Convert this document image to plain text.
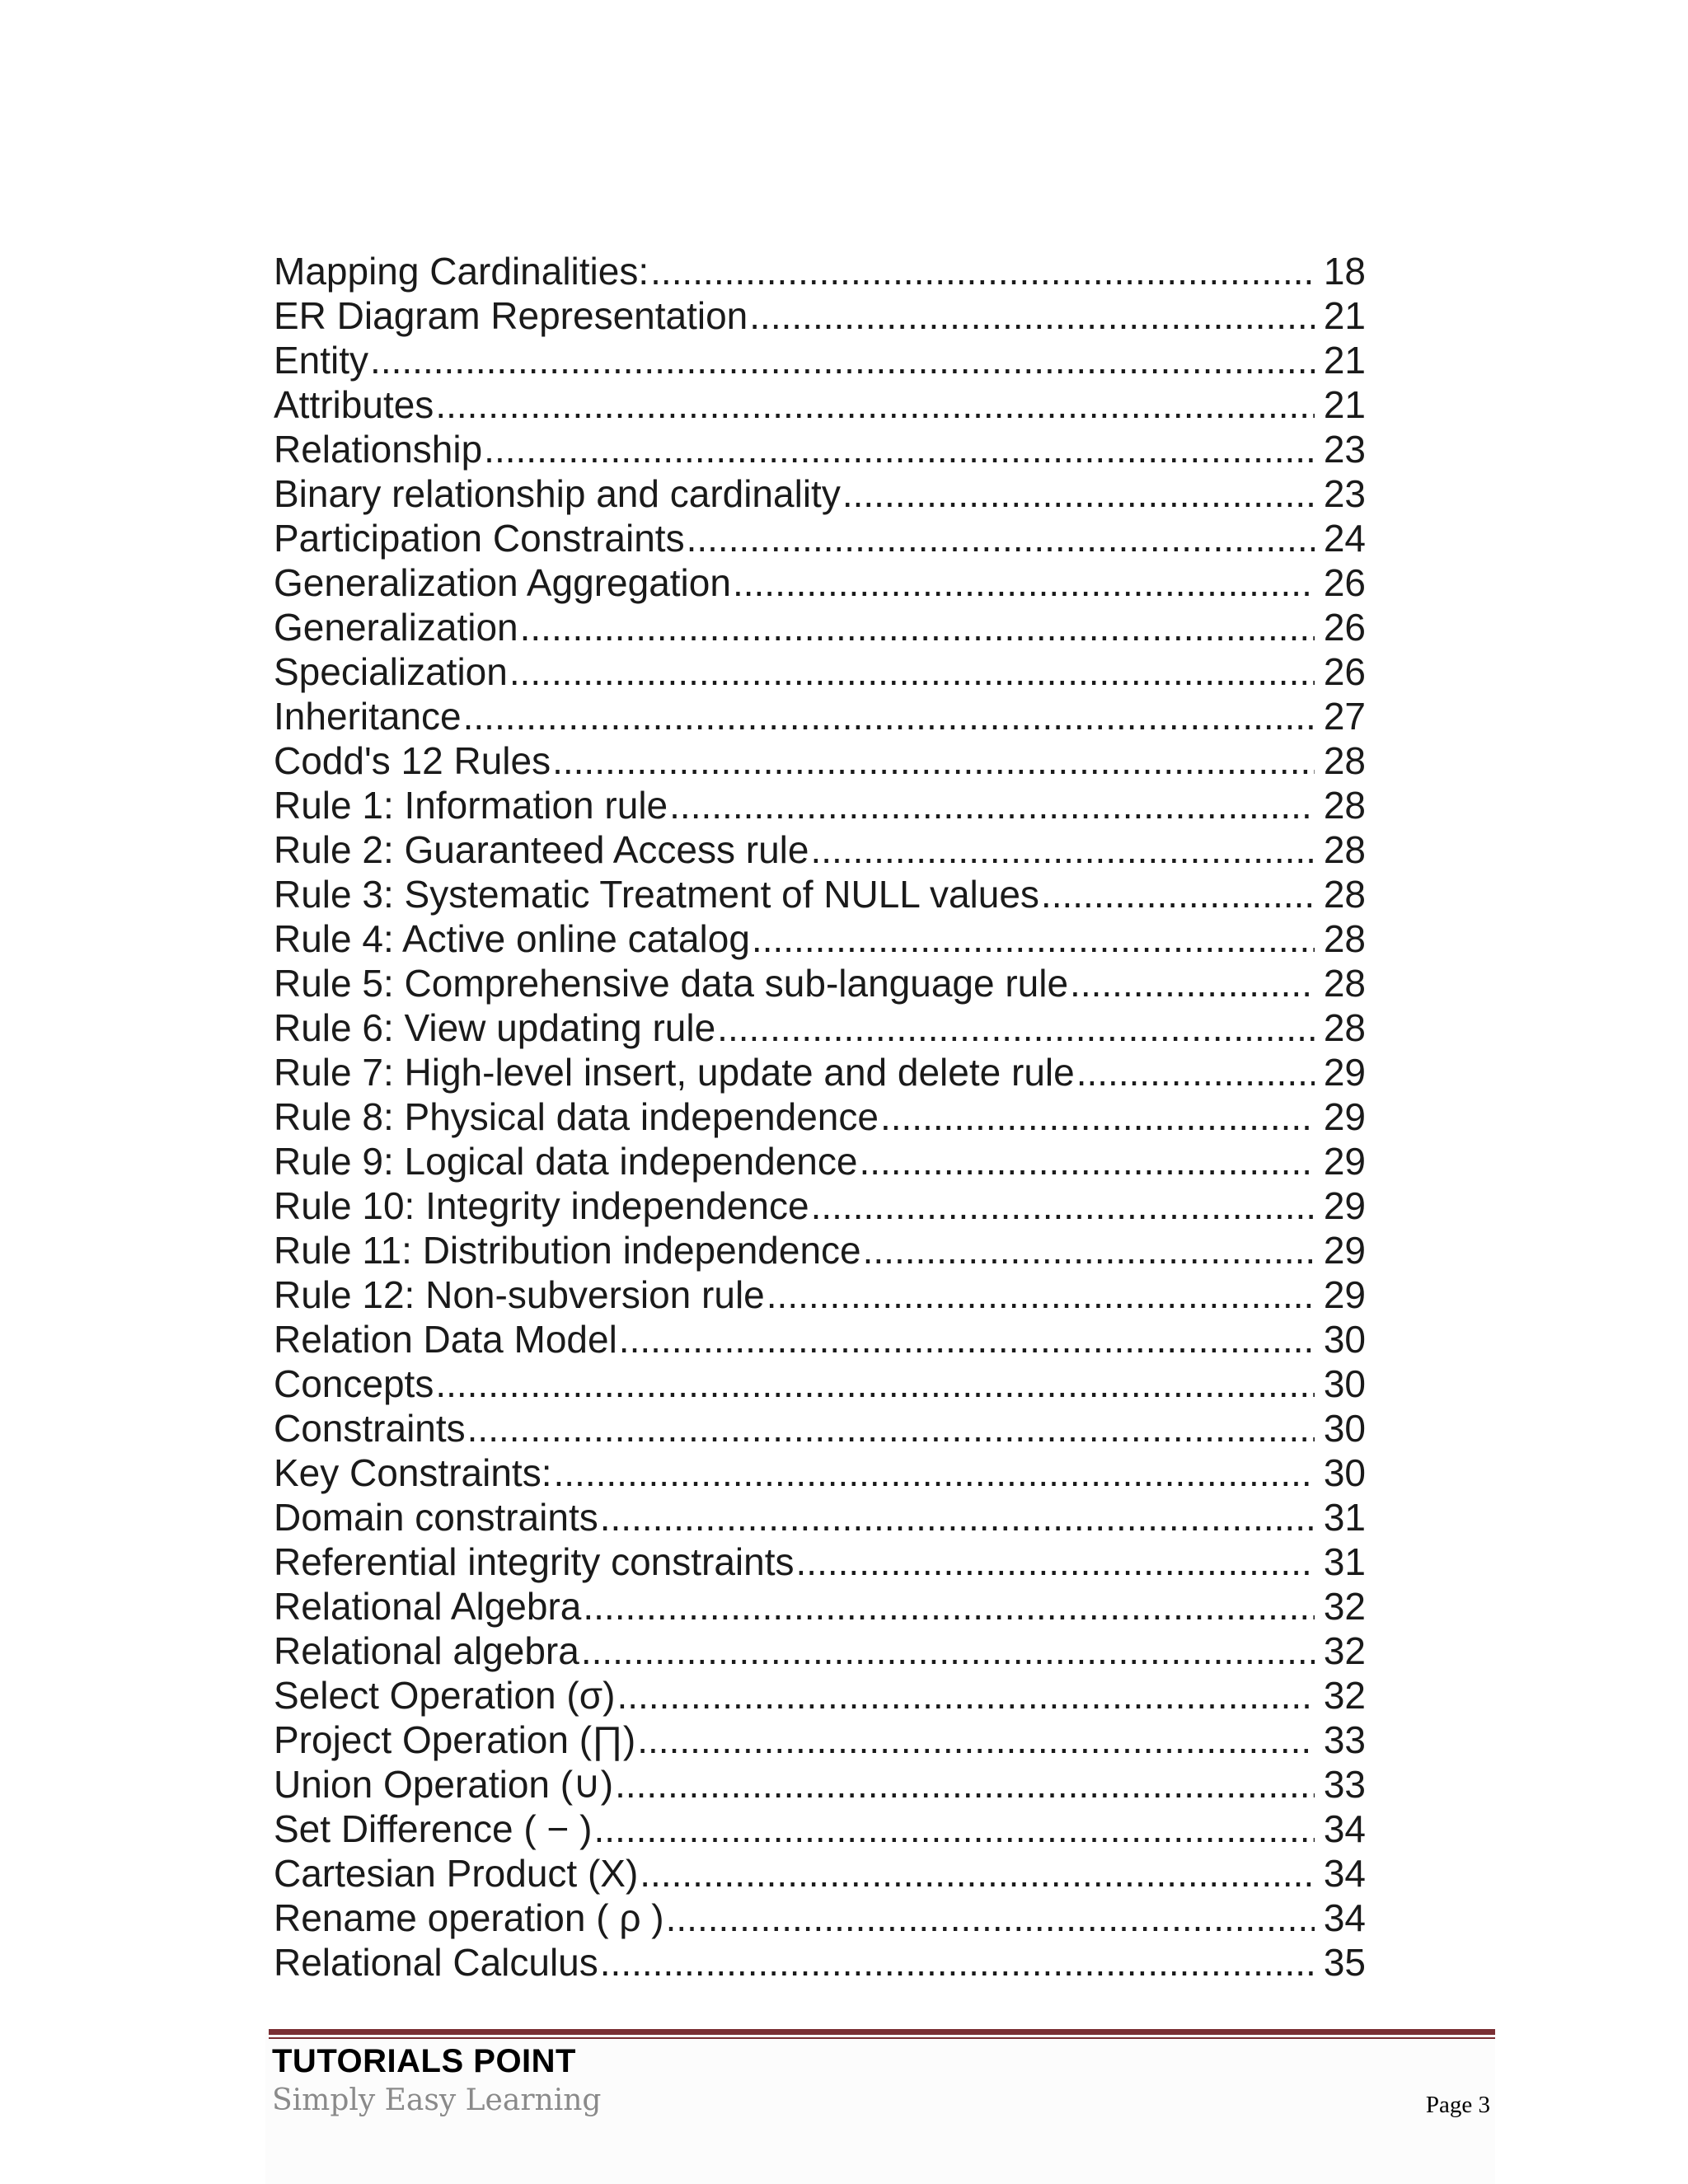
Mapping Cardinalities: .....	18
ER Diagram Representation .....	21
Entity .....	21
Attributes .....	21
Relationship .....	23
Binary relationship and cardinality .....	23
Participation Constraints .....	24
Generalization Aggregation .....	26
Generalization .....	26
Specialization .....	26
Inheritance .....	27
Codd's 12 Rules .....	28
Rule 1: Information rule .....	28
Rule 2: Guaranteed Access rule .....	28
Rule 3: Systematic Treatment of NULL values .....	28
Rule 4: Active online catalog .....	28
Rule 5: Comprehensive data sub-language rule .....	28
Rule 6: View updating rule .....	28
Rule 7: High-level insert, update and delete rule .....	29
Rule 8: Physical data independence .....	29
Rule 9: Logical data independence .....	29
Rule 10: Integrity independence .....	29
Rule 11: Distribution independence .....	29
Rule 12: Non-subversion rule .....	29
Relation Data Model .....	30
Concepts .....	30
Constraints .....	30
Key Constraints: .....	30
Domain constraints .....	31
Referential integrity constraints .....	31
Relational Algebra .....	32
Relational algebra .....	32
Select Operation (σ) .....	32
Project Operation (∏) .....	33
Union Operation (∪) .....	33
Set Difference ( − ) .....	34
Cartesian Product (Χ) .....	34
Rename operation ( ρ ) .....	34
Relational Calculus .....	35
TUTORIALS POINT
Simply Easy Learning	Page 3
